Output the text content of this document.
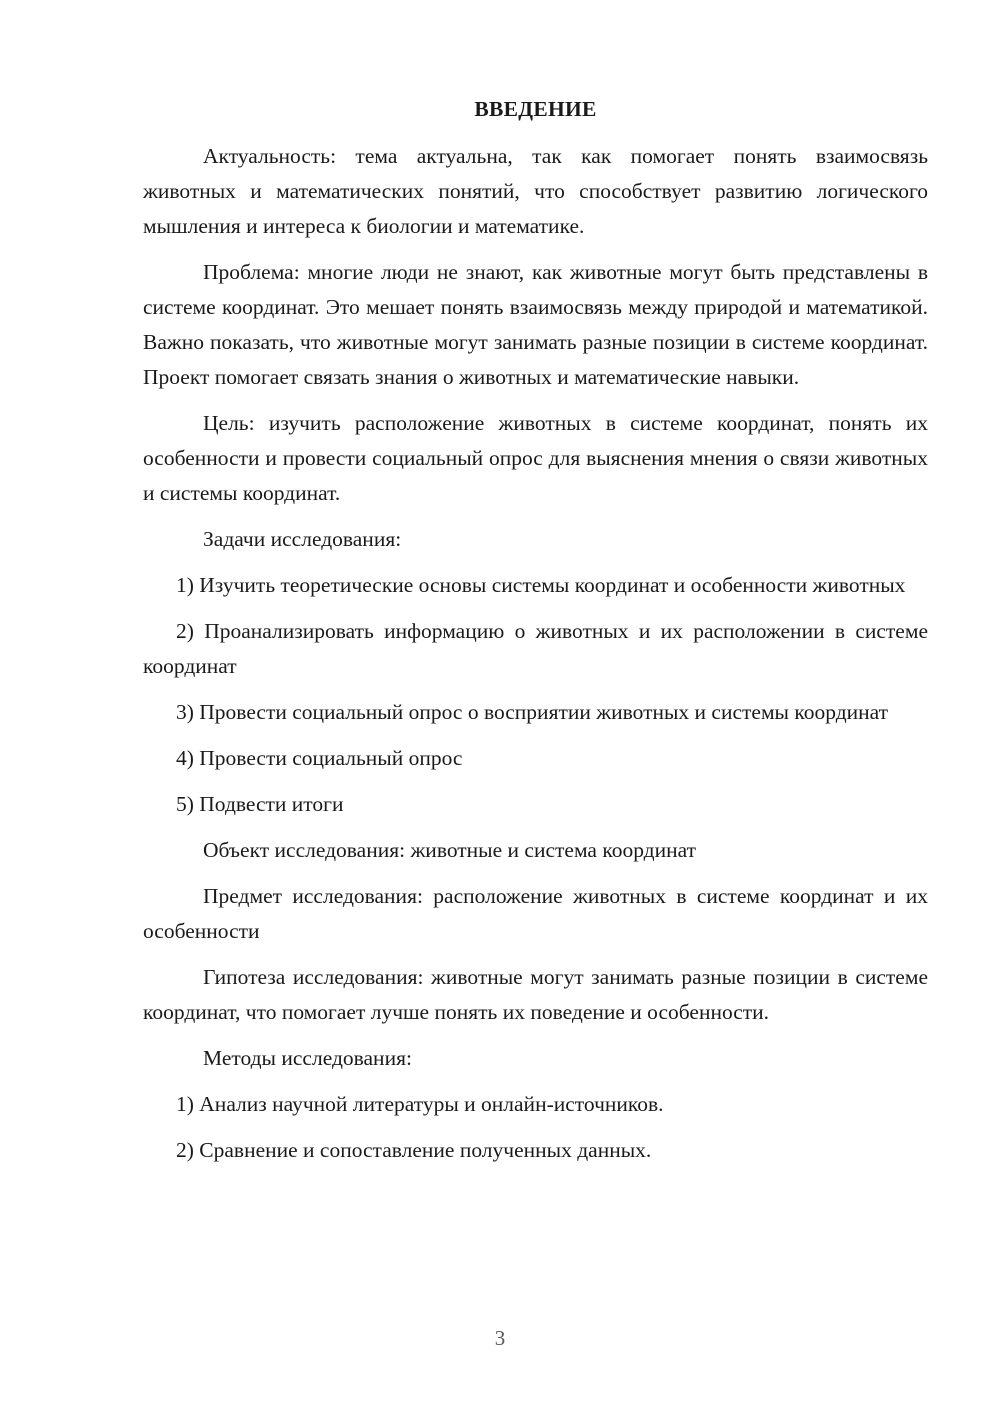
ВВЕДЕНИЕ
Актуальность: тема актуальна, так как помогает понять взаимосвязь животных и математических понятий, что способствует развитию логического мышления и интереса к биологии и математике.
Проблема: многие люди не знают, как животные могут быть представлены в системе координат. Это мешает понять взаимосвязь между природой и математикой. Важно показать, что животные могут занимать разные позиции в системе координат. Проект помогает связать знания о животных и математические навыки.
Цель: изучить расположение животных в системе координат, понять их особенности и провести социальный опрос для выяснения мнения о связи животных и системы координат.
Задачи исследования:
1) Изучить теоретические основы системы координат и особенности животных
2) Проанализировать информацию о животных и их расположении в системе координат
3) Провести социальный опрос о восприятии животных и системы координат
4) Провести социальный опрос
5) Подвести итоги
Объект исследования: животные и система координат
Предмет исследования: расположение животных в системе координат и их особенности
Гипотеза исследования: животные могут занимать разные позиции в системе координат, что помогает лучше понять их поведение и особенности.
Методы исследования:
1) Анализ научной литературы и онлайн-источников.
2) Сравнение и сопоставление полученных данных.
3
